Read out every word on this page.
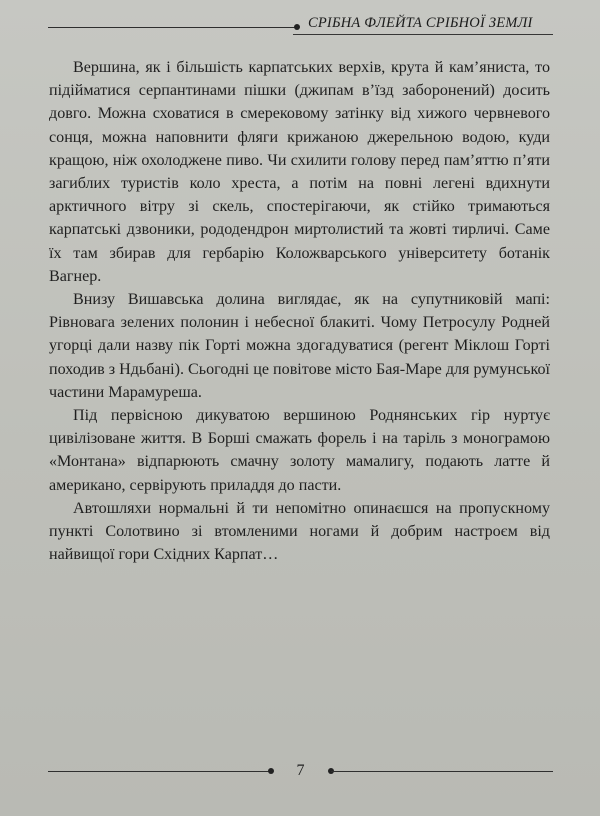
СРІБНА ФЛЕЙТА СРІБНОЇ ЗЕМЛІ

Вершина, як і більшість карпатських верхів, крута й кам’яниста, то підійматися серпантинами пішки (джипам в’їзд заборонений) досить довго. Можна сховатися в смерековому затінку від хижого червневого сонця, можна наповнити фляги крижаною джерельною водою, куди кращою, ніж охолоджене пиво. Чи схилити голову перед пам’яттю п’яти загиблих туристів коло хреста, а потім на повні легені вдихнути арктичного вітру зі скель, спостерігаючи, як стійко тримаються карпатські дзвоники, рододендрон миртолистий та жовті тирличі. Саме їх там збирав для гербарію Коложварського університету ботанік Вагнер.

Внизу Вишавська долина виглядає, як на супутниковій мапі: Рівновага зелених полонин і небесної блакиті. Чому Петросулу Родней угорці дали назву пік Горті можна здогадуватися (регент Міклош Горті походив з Ндьбані). Сьогодні це повітове місто Бая-Маре для румунської частини Марамуреша.

Під первісною дикуватою вершиною Роднянських гір нуртує цивілізоване життя. В Борші смажать форель і на таріль з монограмою «Монтана» відпарюють смачну золоту мамалигу, подають латте й американо, сервірують приладдя до пасти.

Автошляхи нормальні й ти непомітно опинаєшся на пропускному пункті Солотвино зі втомленими ногами й добрим настроєм від найвищої гори Східних Карпат…

7
